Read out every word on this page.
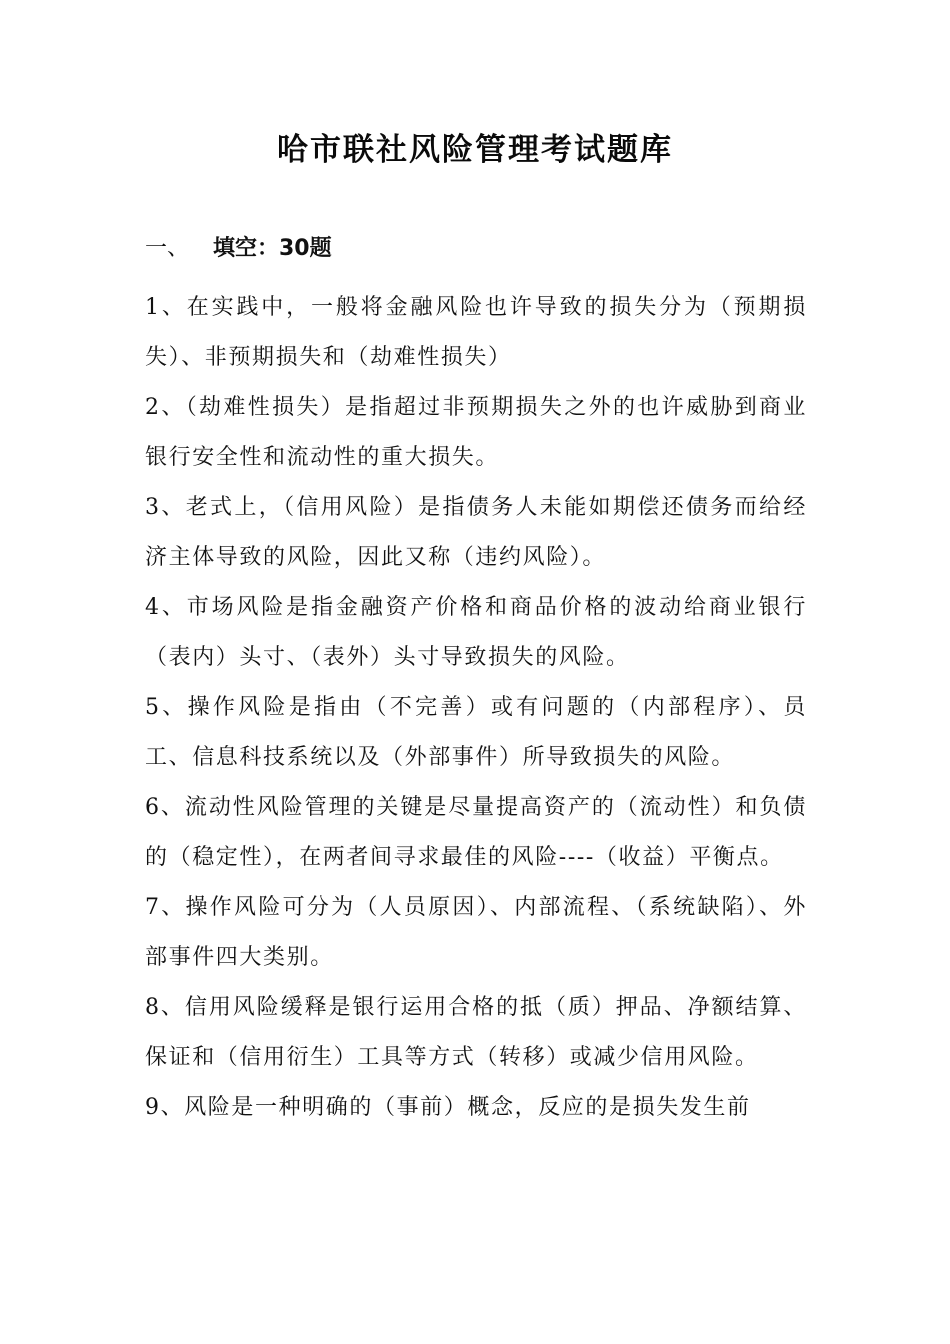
哈市联社风险管理考试题库
一、 填空：30题

1、在实践中，一般将金融风险也许导致的损失分为（预期损失）、非预期损失和（劫难性损失）

2、（劫难性损失）是指超过非预期损失之外的也许威胁到商业银行安全性和流动性的重大损失。

3、老式上，（信用风险）是指债务人未能如期偿还债务而给经济主体导致的风险，因此又称（违约风险）。

4、市场风险是指金融资产价格和商品价格的波动给商业银行（表内）头寸、（表外）头寸导致损失的风险。

5、操作风险是指由（不完善）或有问题的（内部程序）、员工、信息科技系统以及（外部事件）所导致损失的风险。

6、流动性风险管理的关键是尽量提高资产的（流动性）和负债的（稳定性），在两者间寻求最佳的风险----（收益）平衡点。

7、操作风险可分为（人员原因）、内部流程、（系统缺陷）、外部事件四大类别。

8、信用风险缓释是银行运用合格的抵（质）押品、净额结算、保证和（信用衍生）工具等方式（转移）或减少信用风险。

9、风险是一种明确的（事前）概念，反应的是损失发生前
